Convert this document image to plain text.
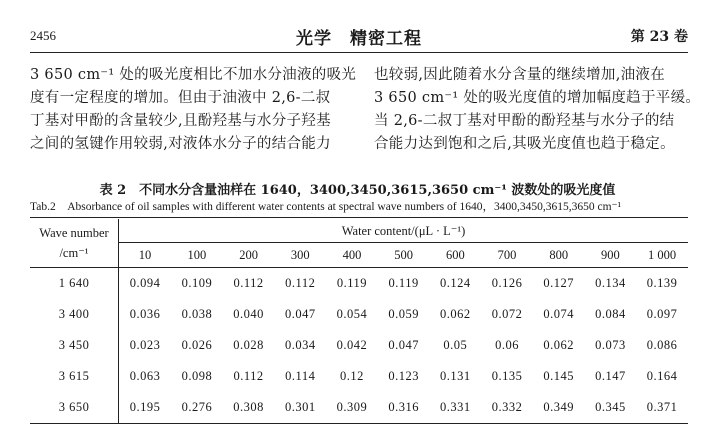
2456	光学　精密工程	第 23 卷

3 650 cm⁻¹ 处的吸光度相比不加水分油液的吸光

度有一定程度的增加。但由于油液中 2,6-二叔

丁基对甲酚的含量较少,且酚羟基与水分子羟基

之间的氢键作用较弱,对液体水分子的结合能力

也较弱,因此随着水分含量的继续增加,油液在

3 650 cm⁻¹ 处的吸光度值的增加幅度趋于平缓。

当 2,6-二叔丁基对甲酚的酚羟基与水分子的结

合能力达到饱和之后,其吸光度值也趋于稳定。

表 2　不同水分含量油样在 1640，3400,3450,3615,3650 cm⁻¹ 波数处的吸光度值
Tab.2　Absorbance of oil samples with different water contents at spectral wave numbers of 1640，3400,3450,3615,3650 cm⁻¹
Wave number
/cm⁻¹	Water content/(μL · L⁻¹)										
	10	100	200	300	400	500	600	700	800	900	1 000
1 640	0.094	0.109	0.112	0.112	0.119	0.119	0.124	0.126	0.127	0.134	0.139
3 400	0.036	0.038	0.040	0.047	0.054	0.059	0.062	0.072	0.074	0.084	0.097
3 450	0.023	0.026	0.028	0.034	0.042	0.047	0.05	0.06	0.062	0.073	0.086
3 615	0.063	0.098	0.112	0.114	0.12	0.123	0.131	0.135	0.145	0.147	0.164
3 650	0.195	0.276	0.308	0.301	0.309	0.316	0.331	0.332	0.349	0.345	0.371
